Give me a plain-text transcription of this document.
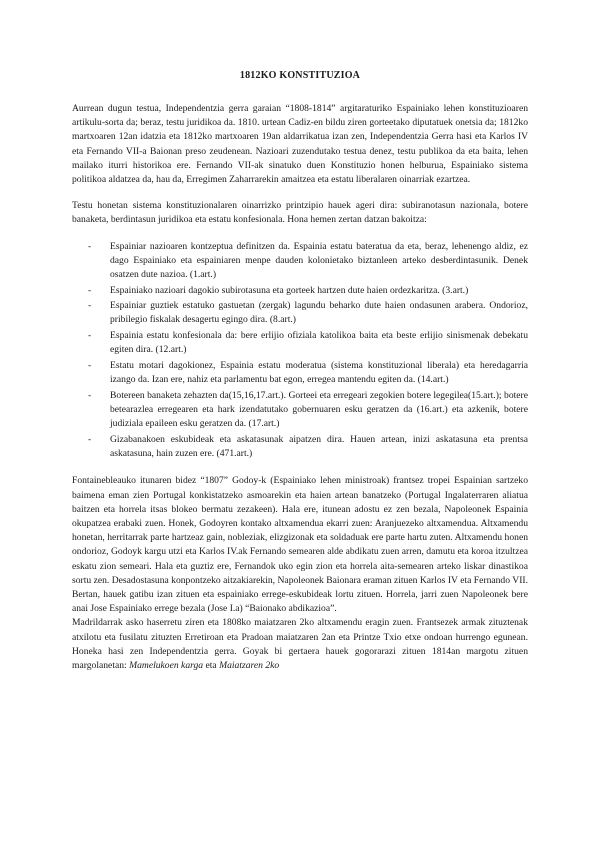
1812KO KONSTITUZIOA

Aurrean dugun testua, Independentzia gerra garaian “1808-1814” argitaraturiko Espainiako lehen konstituzioaren artikulu-sorta da; beraz, testu juridikoa da. 1810. urtean Cadiz-en bildu ziren gorteetako diputatuek onetsia da; 1812ko martxoaren 12an idatzia eta 1812ko martxoaren 19an aldarrikatua izan zen, Independentzia Gerra hasi eta Karlos IV eta Fernando VII-a Baionan preso zeudenean. Nazioari zuzendutako testua denez, testu publikoa da eta baita, lehen mailako iturri historikoa ere. Fernando VII-ak sinatuko duen Konstituzio honen helburua, Espainiako sistema politikoa aldatzea da, hau da, Erregimen Zaharrarekin amaitzea eta estatu liberalaren oinarriak ezartzea.

Testu honetan sistema konstituzionalaren oinarrizko printzipio hauek ageri dira: subiranotasun nazionala, botere banaketa, berdintasun juridikoa eta estatu konfesionala. Hona hemen zertan datzan bakoitza:

- Espainiar nazioaren kontzeptua definitzen da. Espainia estatu bateratua da eta, beraz, lehenengo aldiz, ez dago Espainiako eta espainiaren menpe dauden kolonietako biztanleen arteko desberdintasunik. Denek osatzen dute nazioa. (1.art.)
- Espainiako nazioari dagokio subirotasuna eta gorteek hartzen dute haien ordezkaritza. (3.art.)
- Espainiar guztiek estatuko gastuetan (zergak) lagundu beharko dute haien ondasunen arabera. Ondorioz, pribilegio fiskalak desagertu egingo dira. (8.art.)
- Espainia estatu konfesionala da: bere erlijio ofiziala katolikoa baita eta beste erlijio sinismenak debekatu egiten dira. (12.art.)
- Estatu motari dagokionez, Espainia estatu moderatua (sistema konstituzional liberala) eta heredagarria izango da. Izan ere, nahiz eta parlamentu bat egon, erregea mantendu egiten da. (14.art.)
- Botereen banaketa zehazten da(15,16,17.art.). Gorteei eta erregeari zegokien botere legegilea(15.art.); botere betearazlea erregearen eta hark izendatutako gobernuaren esku geratzen da (16.art.) eta azkenik, botere judiziala epaileen esku geratzen da. (17.art.)
- Gizabanakoen eskubideak eta askatasunak aipatzen dira. Hauen artean, inizi askatasuna eta prentsa askatasuna, hain zuzen ere. (471.art.)

Fontainebleauko itunaren bidez “1807” Godoy-k (Espainiako lehen ministroak) frantsez tropei Espainian sartzeko baimena eman zien Portugal konkistatzeko asmoarekin eta haien artean banatzeko (Portugal Ingalaterraren aliatua baitzen eta horrela itsas blokeo bermatu zezakeen). Hala ere, itunean adostu ez zen bezala, Napoleonek Espainia okupatzea erabaki zuen. Honek, Godoyren kontako altxamendua ekarri zuen: Aranjuezeko altxamendua. Altxamendu honetan, herritarrak parte hartzeaz gain, nobleziak, elizgizonak eta soldaduak ere parte hartu zuten. Altxamendu honen ondorioz, Godoyk kargu utzi eta Karlos IV.ak Fernando semearen alde abdikatu zuen arren, damutu eta koroa itzultzea eskatu zion semeari. Hala eta guztiz ere, Fernandok uko egin zion eta horrela aita-semearen arteko liskar dinastikoa sortu zen. Desadostasuna konpontzeko aitzakiarekin, Napoleonek Baionara eraman zituen Karlos IV eta Fernando VII. Bertan, hauek gatibu izan zituen eta espainiako errege-eskubideak lortu zituen. Horrela, jarri zuen Napoleonek bere anai Jose Espainiako errege bezala (Jose I.a) “Baionako abdikazioa”.

Madrildarrak asko haserretu ziren eta 1808ko maiatzaren 2ko altxamendu eragin zuen. Frantsezek armak zituztenak atxilotu eta fusilatu zituzten Erretiroan eta Pradoan maiatzaren 2an eta Printze Txio etxe ondoan hurrengo egunean. Honeka hasi zen Independentzia gerra. Goyak bi gertaera hauek gogorarazi zituen 1814an margotu zituen margolanetan: Mamelukoen karga eta Maiatzaren 2ko
